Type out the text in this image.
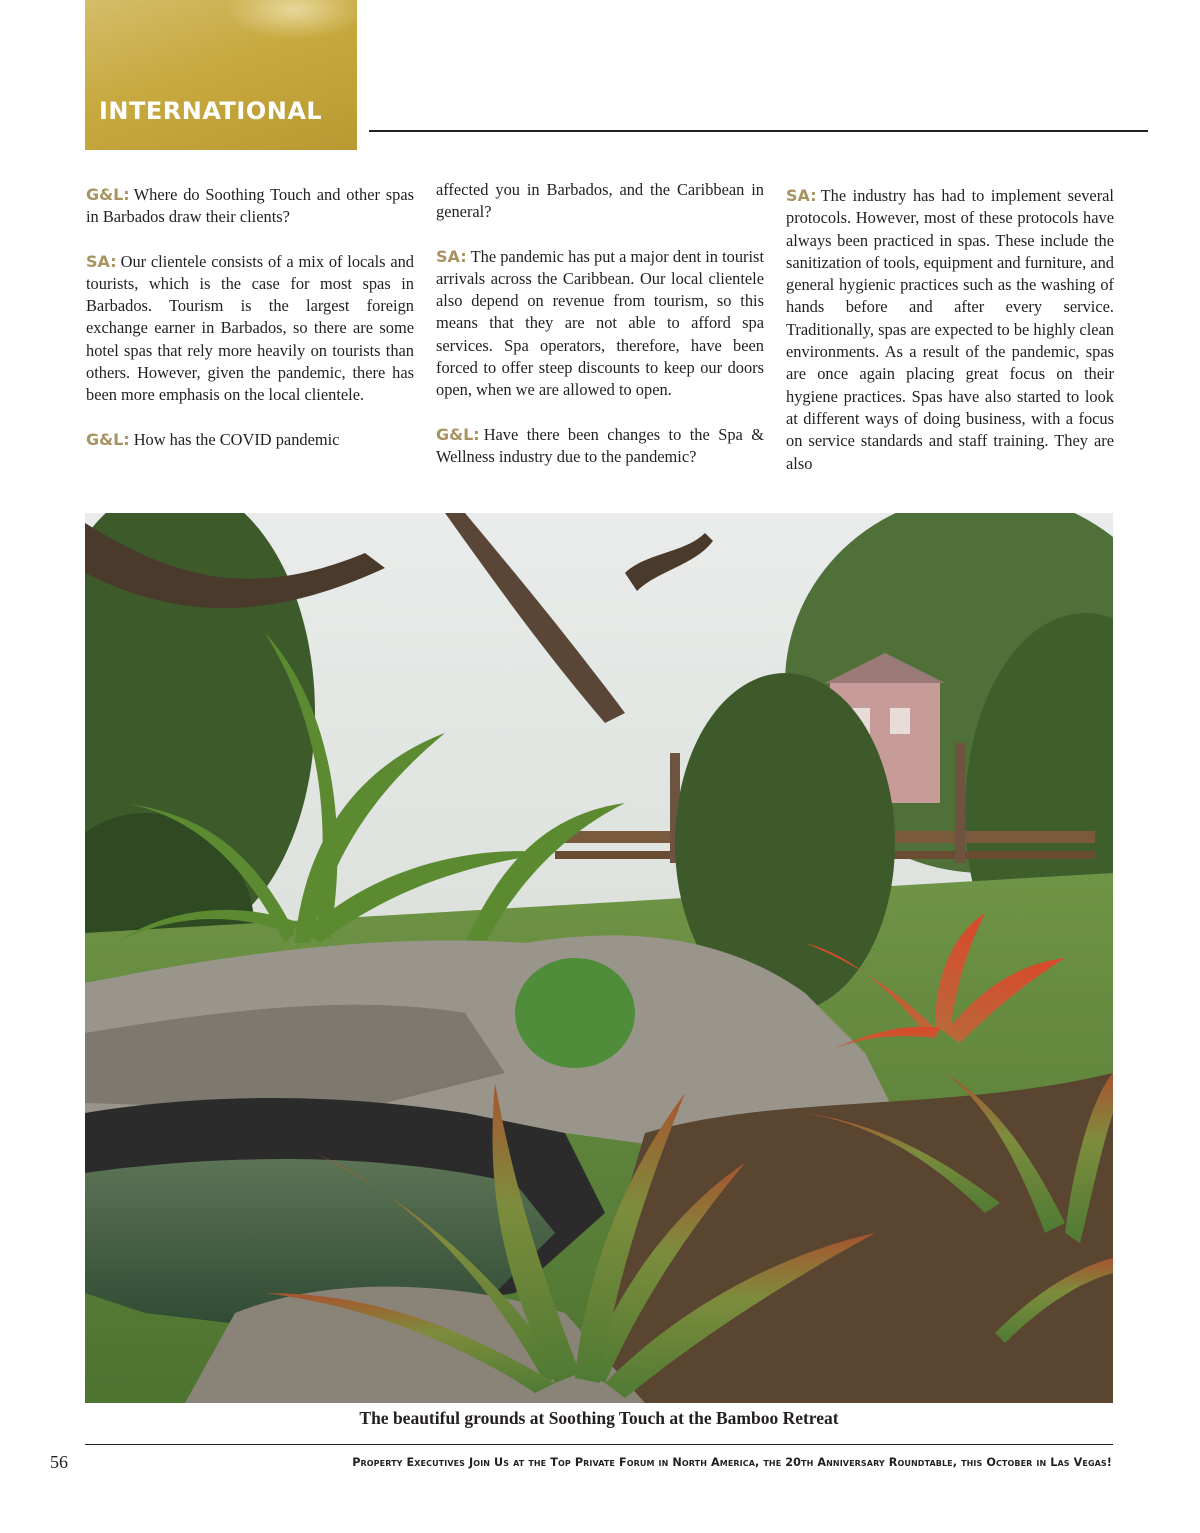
INTERNATIONAL

G&L: Where do Soothing Touch and other spas in Barbados draw their clients?

SA: Our clientele consists of a mix of locals and tourists, which is the case for most spas in Barbados. Tourism is the largest foreign exchange earner in Barbados, so there are some hotel spas that rely more heavily on tourists than others. However, given the pandemic, there has been more emphasis on the local clientele.

G&L: How has the COVID pandemic

affected you in Barbados, and the Caribbean in general?

SA: The pandemic has put a major dent in tourist arrivals across the Caribbean. Our local clientele also depend on revenue from tourism, so this means that they are not able to afford spa services. Spa operators, therefore, have been forced to offer steep discounts to keep our doors open, when we are allowed to open.

G&L: Have there been changes to the Spa & Wellness industry due to the pandemic?

SA: The industry has had to implement several protocols. However, most of these protocols have always been practiced in spas. These include the sanitization of tools, equipment and furniture, and general hygienic practices such as the washing of hands before and after every service. Traditionally, spas are expected to be highly clean environments. As a result of the pandemic, spas are once again placing great focus on their hygiene practices. Spas have also started to look at different ways of doing business, with a focus on service standards and staff training. They are also

The beautiful grounds at Soothing Touch at the Bamboo Retreat
56	Property Executives Join Us at the Top Private Forum in North America, the 20th Anniversary Roundtable, this October in Las Vegas!
